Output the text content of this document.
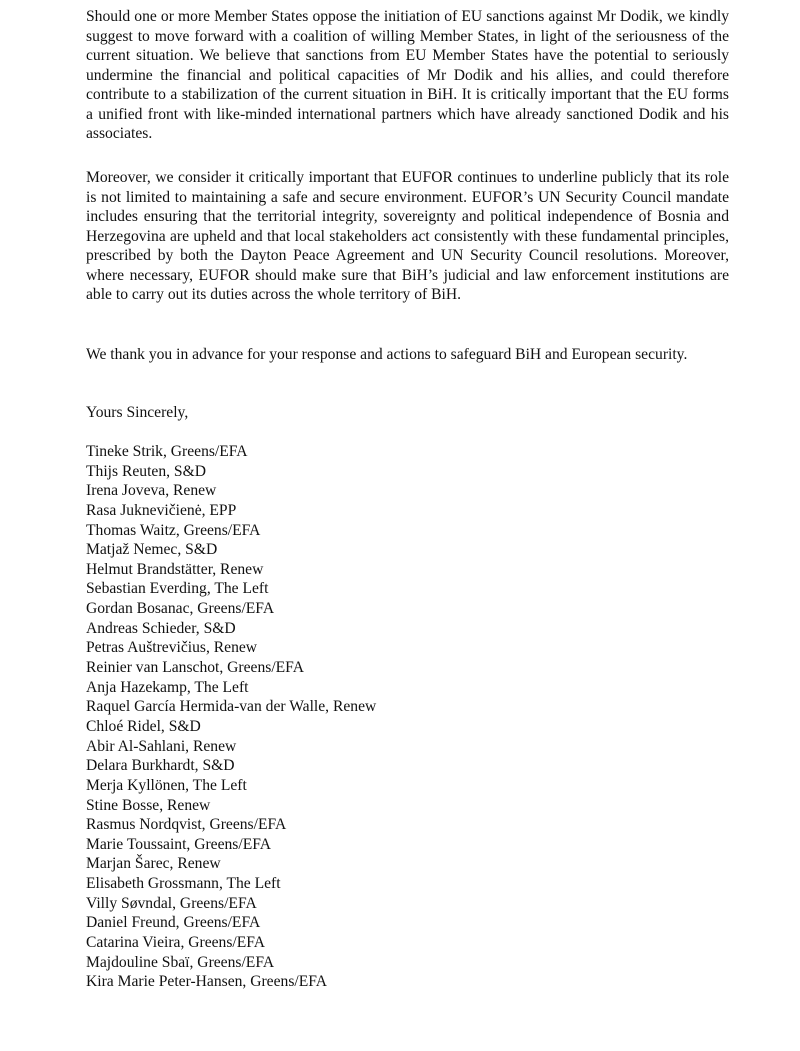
Should one or more Member States oppose the initiation of EU sanctions against Mr Dodik, we kindly suggest to move forward with a coalition of willing Member States, in light of the seriousness of the current situation. We believe that sanctions from EU Member States have the potential to seriously undermine the financial and political capacities of Mr Dodik and his allies, and could therefore contribute to a stabilization of the current situation in BiH. It is critically important that the EU forms a unified front with like-minded international partners which have already sanctioned Dodik and his associates.

Moreover, we consider it critically important that EUFOR continues to underline publicly that its role is not limited to maintaining a safe and secure environment. EUFOR’s UN Security Council mandate includes ensuring that the territorial integrity, sovereignty and political independence of Bosnia and Herzegovina are upheld and that local stakeholders act consistently with these fundamental principles, prescribed by both the Dayton Peace Agreement and UN Security Council resolutions. Moreover, where necessary, EUFOR should make sure that BiH’s judicial and law enforcement institutions are able to carry out its duties across the whole territory of BiH.

We thank you in advance for your response and actions to safeguard BiH and European security.

Yours Sincerely,

Tineke Strik, Greens/EFA
Thijs Reuten, S&D
Irena Joveva, Renew
Rasa Juknevičienė, EPP
Thomas Waitz, Greens/EFA
Matjaž Nemec, S&D
Helmut Brandstätter, Renew
Sebastian Everding, The Left
Gordan Bosanac, Greens/EFA
Andreas Schieder, S&D
Petras Auštrevičius, Renew
Reinier van Lanschot, Greens/EFA
Anja Hazekamp, The Left
Raquel García Hermida-van der Walle, Renew
Chloé Ridel, S&D
Abir Al-Sahlani, Renew
Delara Burkhardt, S&D
Merja Kyllönen, The Left
Stine Bosse, Renew
Rasmus Nordqvist, Greens/EFA
Marie Toussaint, Greens/EFA
Marjan Šarec, Renew
Elisabeth Grossmann, The Left
Villy Søvndal, Greens/EFA
Daniel Freund, Greens/EFA
Catarina Vieira, Greens/EFA
Majdouline Sbaï, Greens/EFA
Kira Marie Peter-Hansen, Greens/EFA
